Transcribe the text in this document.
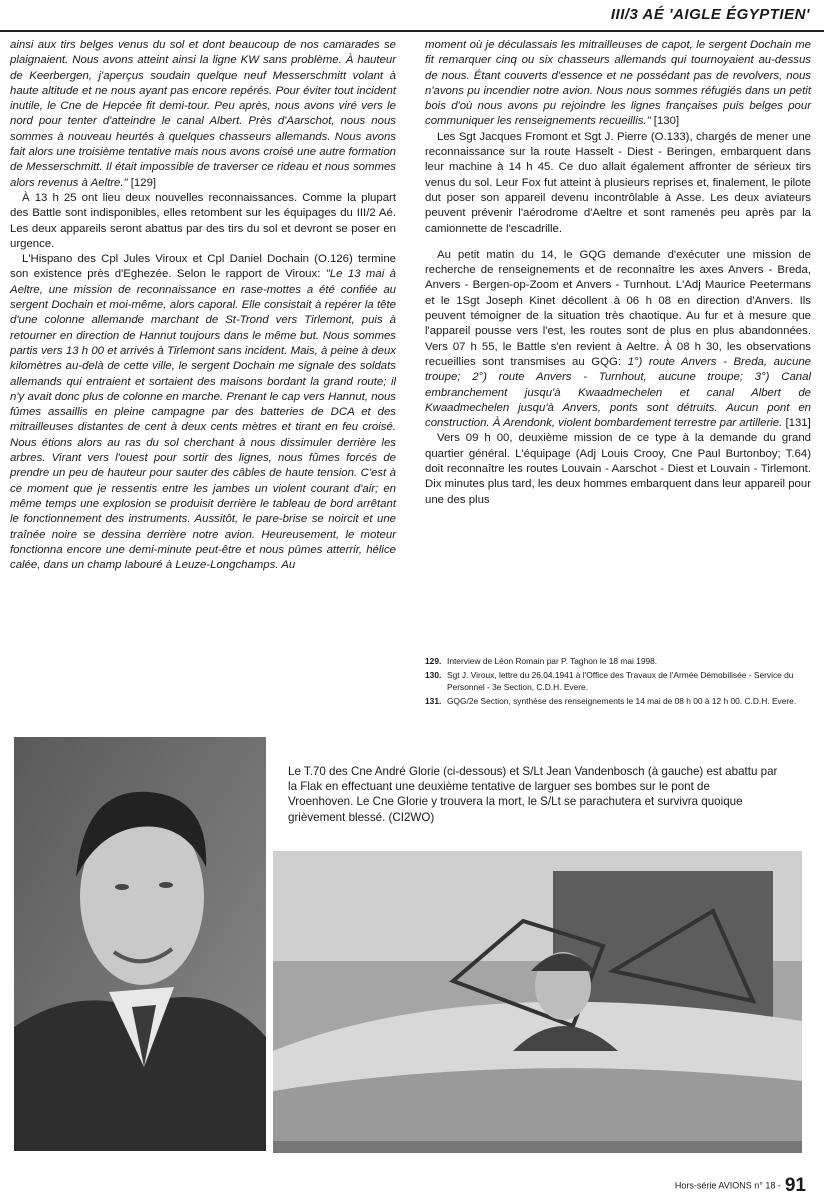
III/3 AÉ 'AIGLE ÉGYPTIEN'

ainsi aux tirs belges venus du sol et dont beaucoup de nos camarades se plaignaient. Nous avons atteint ainsi la ligne KW sans problème. À hauteur de Keerbergen, j'aperçus soudain quelque neuf Messerschmitt volant à haute altitude et ne nous ayant pas encore repérés. Pour éviter tout incident inutile, le Cne de Hepcée fit demi-tour. Peu après, nous avons viré vers le nord pour tenter d'atteindre le canal Albert. Près d'Aarschot, nous nous sommes à nouveau heurtés à quelques chasseurs allemands. Nous avons fait alors une troisième tentative mais nous avons croisé une autre formation de Messerschmitt. Il était impossible de traverser ce rideau et nous sommes alors revenus à Aeltre." [129]

À 13 h 25 ont lieu deux nouvelles reconnaissances. Comme la plupart des Battle sont indisponibles, elles retombent sur les équipages du III/2 Aé. Les deux appareils seront abattus par des tirs du sol et devront se poser en urgence.

L'Hispano des Cpl Jules Viroux et Cpl Daniel Dochain (O.126) termine son existence près d'Eghezée. Selon le rapport de Viroux: "Le 13 mai à Aeltre, une mission de reconnaissance en rase-mottes a été confiée au sergent Dochain et moi-même, alors caporal. Elle consistait à repérer la tête d'une colonne allemande marchant de St-Trond vers Tirlemont, puis à retourner en direction de Hannut toujours dans le même but. Nous sommes partis vers 13 h 00 et arrivés à Tirlemont sans incident. Mais, à peine à deux kilomètres au-delà de cette ville, le sergent Dochain me signale des soldats allemands qui entraient et sortaient des maisons bordant la grand route; il n'y avait donc plus de colonne en marche. Prenant le cap vers Hannut, nous fûmes assaillis en pleine campagne par des batteries de DCA et des mitrailleuses distantes de cent à deux cents mètres et tirant en feu croisé. Nous étions alors au ras du sol cherchant à nous dissimuler derrière les arbres. Virant vers l'ouest pour sortir des lignes, nous fûmes forcés de prendre un peu de hauteur pour sauter des câbles de haute tension. C'est à ce moment que je ressentis entre les jambes un violent courant d'air; en même temps une explosion se produisit derrière le tableau de bord arrêtant le fonctionnement des instruments. Aussitôt, le pare-brise se noircit et une traînée noire se dessina derrière notre avion. Heureusement, le moteur fonctionna encore une demi-minute peut-être et nous pûmes atterrir, hélice calée, dans un champ labouré à Leuze-Longchamps. Au

moment où je déculassais les mitrailleuses de capot, le sergent Dochain me fit remarquer cinq ou six chasseurs allemands qui tournoyaient au-dessus de nous. Étant couverts d'essence et ne possédant pas de revolvers, nous n'avons pu incendier notre avion. Nous nous sommes réfugiés dans un petit bois d'où nous avons pu rejoindre les lignes françaises puis belges pour communiquer les renseignements recueillis." [130]

Les Sgt Jacques Fromont et Sgt J. Pierre (O.133), chargés de mener une reconnaissance sur la route Hasselt - Diest - Beringen, embarquent dans leur machine à 14 h 45. Ce duo allait également affronter de sérieux tirs venus du sol. Leur Fox fut atteint à plusieurs reprises et, finalement, le pilote dut poser son appareil devenu incontrôlable à Asse. Les deux aviateurs peuvent prévenir l'aérodrome d'Aeltre et sont ramenés peu après par la camionnette de l'escadrille.

Au petit matin du 14, le GQG demande d'exécuter une mission de recherche de renseignements et de reconnaître les axes Anvers - Breda, Anvers - Bergen-op-Zoom et Anvers - Turnhout. L'Adj Maurice Peetermans et le 1Sgt Joseph Kinet décollent à 06 h 08 en direction d'Anvers. Ils peuvent témoigner de la situation très chaotique. Au fur et à mesure que l'appareil pousse vers l'est, les routes sont de plus en plus abandonnées. Vers 07 h 55, le Battle s'en revient à Aeltre. À 08 h 30, les observations recueillies sont transmises au GQG: 1°) route Anvers - Breda, aucune troupe; 2°) route Anvers - Turnhout, aucune troupe; 3°) Canal embranchement jusqu'à Kwaadmechelen et canal Albert de Kwaadmechelen jusqu'à Anvers, ponts sont détruits. Aucun pont en construction. À Arendonk, violent bombardement terrestre par artillerie. [131]

Vers 09 h 00, deuxième mission de ce type à la demande du grand quartier général. L'équipage (Adj Louis Crooy, Cne Paul Burtonboy; T.64) doit reconnaître les routes Louvain - Aarschot - Diest et Louvain - Tirlemont. Dix minutes plus tard, les deux hommes embarquent dans leur appareil pour une des plus

129. Interview de Léon Romain par P. Taghon le 18 mai 1998.
130. Sgt J. Viroux, lettre du 26.04.1941 à l'Office des Travaux de l'Armée Démobilisée - Service du Personnel - 3e Section, C.D.H. Evere.
131. GQG/2e Section, synthèse des renseignements le 14 mai de 08 h 00 à 12 h 00. C.D.H. Evere.
Le T.70 des Cne André Glorie (ci-dessous) et S/Lt Jean Vandenbosch (à gauche) est abattu par la Flak en effectuant une deuxième tentative de larguer ses bombes sur le pont de Vroenhoven. Le Cne Glorie y trouvera la mort, le S/Lt se parachutera et survivra quoique grièvement blessé. (CI2WO)
Hors-série AVIONS n° 18 - 91
